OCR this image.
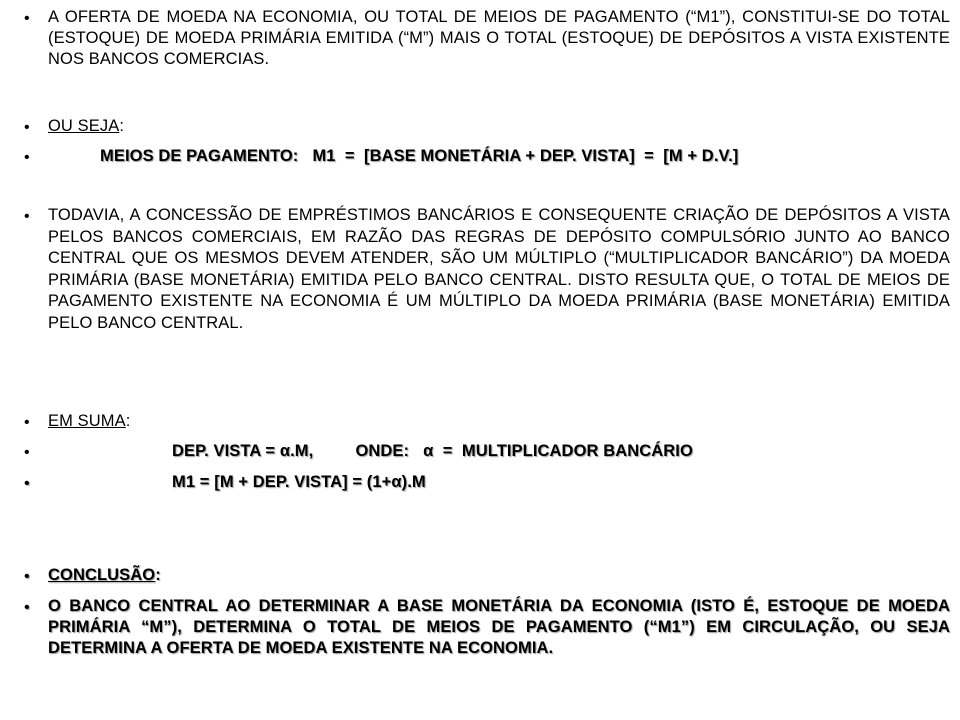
• A OFERTA DE MOEDA NA ECONOMIA, OU TOTAL DE MEIOS DE PAGAMENTO (“M1”), CONSTITUI-SE DO TOTAL (ESTOQUE) DE MOEDA PRIMÁRIA EMITIDA (“M”) MAIS O TOTAL (ESTOQUE) DE DEPÓSITOS A VISTA EXISTENTE NOS BANCOS COMERCIAS.
• OU SEJA:
•	MEIOS DE PAGAMENTO:   M1  =  [BASE MONETÁRIA + DEP. VISTA]  =  [M + D.V.]
• TODAVIA, A CONCESSÃO DE EMPRÉSTIMOS BANCÁRIOS E CONSEQUENTE CRIAÇÃO DE DEPÓSITOS A VISTA PELOS BANCOS COMERCIAIS, EM RAZÃO DAS REGRAS DE DEPÓSITO COMPULSÓRIO JUNTO AO BANCO CENTRAL QUE OS MESMOS DEVEM ATENDER, SÃO UM MÚLTIPLO (“MULTIPLICADOR BANCÁRIO”) DA MOEDA PRIMÁRIA (BASE MONETÁRIA) EMITIDA PELO BANCO CENTRAL. DISTO RESULTA QUE, O TOTAL DE MEIOS DE PAGAMENTO EXISTENTE NA ECONOMIA É UM MÚLTIPLO DA MOEDA PRIMÁRIA (BASE MONETÁRIA) EMITIDA PELO BANCO CENTRAL.
• EM SUMA:
•	DEP. VISTA = α.M,         ONDE:   α  =  MULTIPLICADOR BANCÁRIO
•	M1 = [M + DEP. VISTA] = (1+α).M
• CONCLUSÃO:
• O BANCO CENTRAL AO DETERMINAR A BASE MONETÁRIA DA ECONOMIA (ISTO É, ESTOQUE DE MOEDA PRIMÁRIA “M”), DETERMINA O TOTAL DE MEIOS DE PAGAMENTO (“M1”) EM CIRCULAÇÃO, OU SEJA DETERMINA A OFERTA DE MOEDA EXISTENTE NA ECONOMIA.
